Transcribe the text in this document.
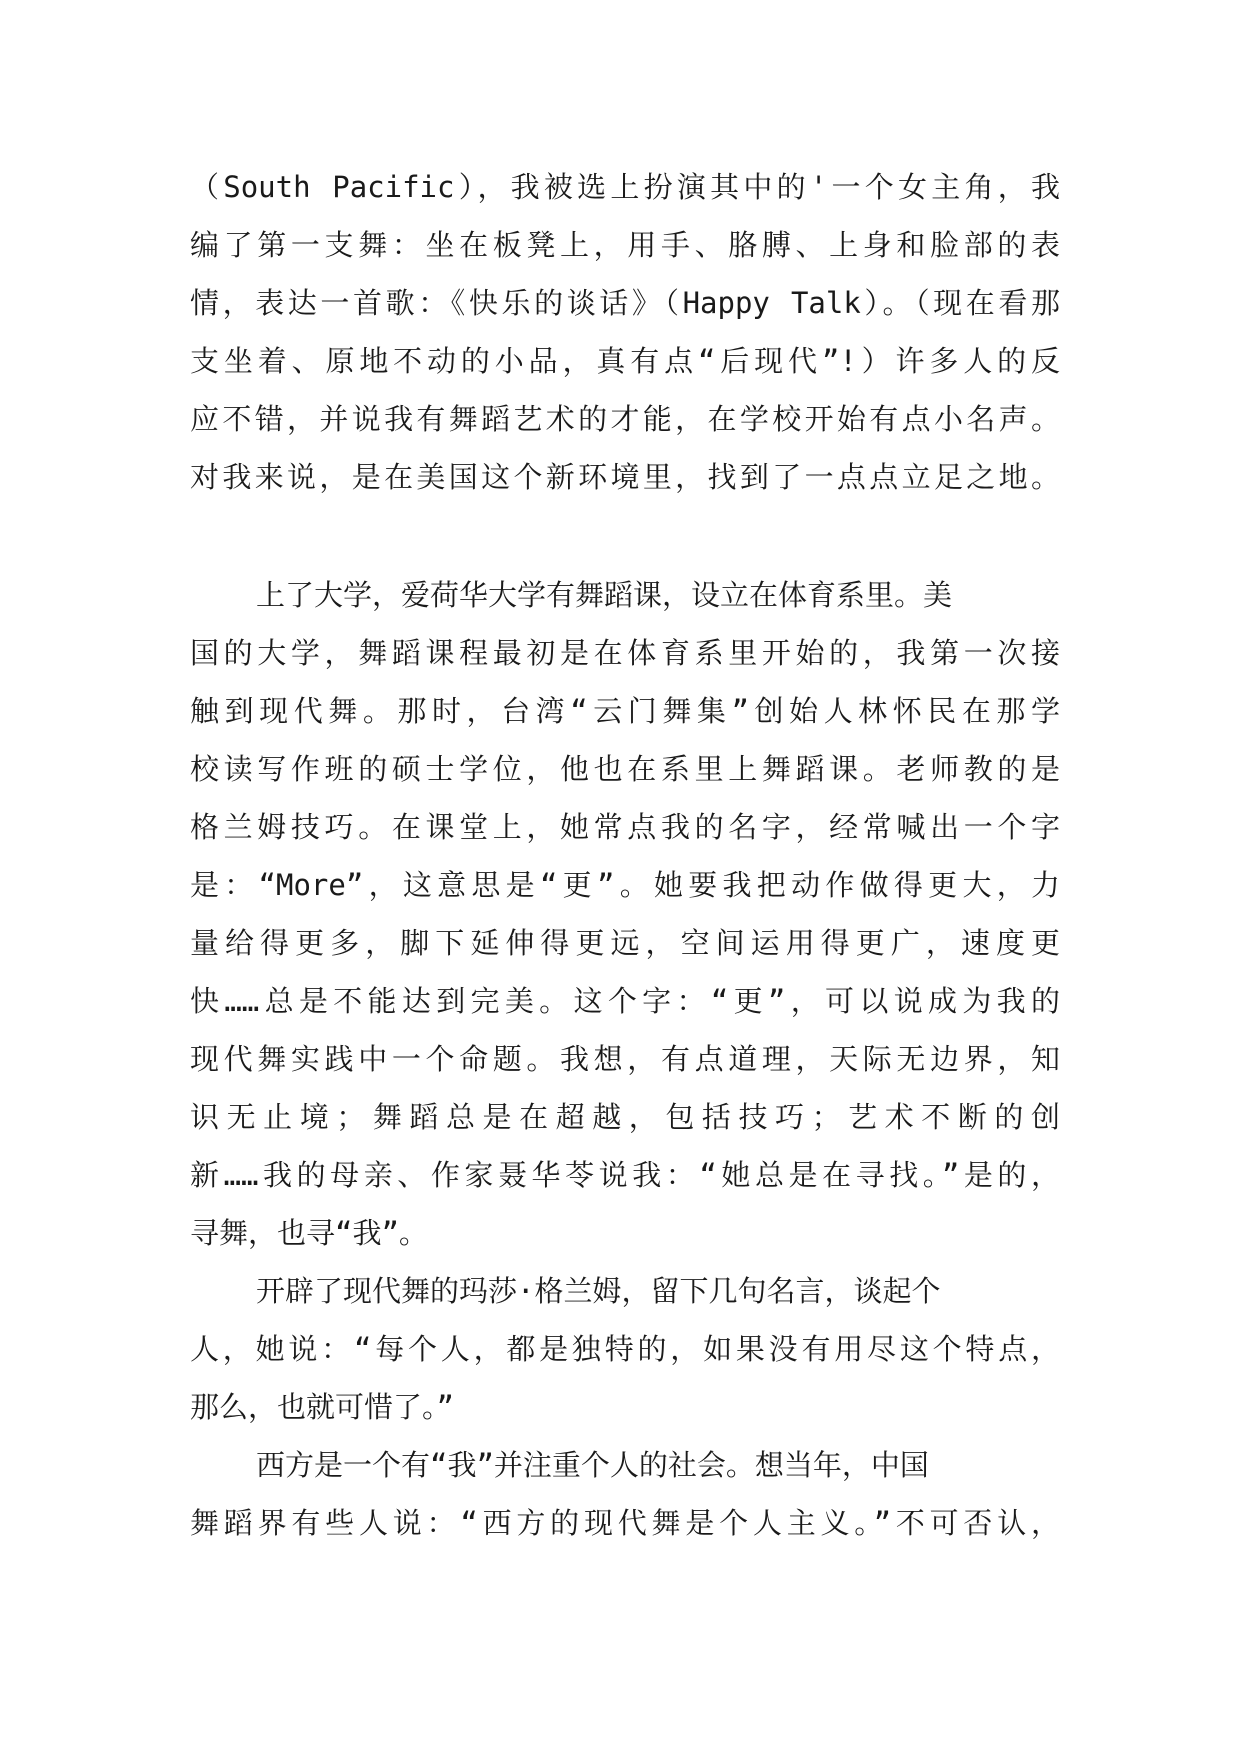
（South Pacific），我被选上扮演其中的'一个女主角，我
编了第一支舞：坐在板凳上，用手、胳膊、上身和脸部的表
情，表达一首歌：《快乐的谈话》（Happy Talk）。（现在看那
支坐着、原地不动的小品，真有点“后现代”!）许多人的反
应不错，并说我有舞蹈艺术的才能，在学校开始有点小名声。
对我来说，是在美国这个新环境里，找到了一点点立足之地。
上了大学，爱荷华大学有舞蹈课，设立在体育系里。美
国的大学，舞蹈课程最初是在体育系里开始的，我第一次接
触到现代舞。那时，台湾“云门舞集”创始人林怀民在那学
校读写作班的硕士学位，他也在系里上舞蹈课。老师教的是
格兰姆技巧。在课堂上，她常点我的名字，经常喊出一个字
是：“More”，这意思是“更”。她要我把动作做得更大，力
量给得更多，脚下延伸得更远，空间运用得更广，速度更
快……总是不能达到完美。这个字：“更”，可以说成为我的
现代舞实践中一个命题。我想，有点道理，天际无边界，知
识无止境；舞蹈总是在超越，包括技巧；艺术不断的创
新……我的母亲、作家聂华苓说我：“她总是在寻找。”是的，
寻舞，也寻“我”。
开辟了现代舞的玛莎·格兰姆，留下几句名言，谈起个
人，她说：“每个人，都是独特的，如果没有用尽这个特点，
那么，也就可惜了。”
西方是一个有“我”并注重个人的社会。想当年，中国
舞蹈界有些人说：“西方的现代舞是个人主义。”不可否认，
